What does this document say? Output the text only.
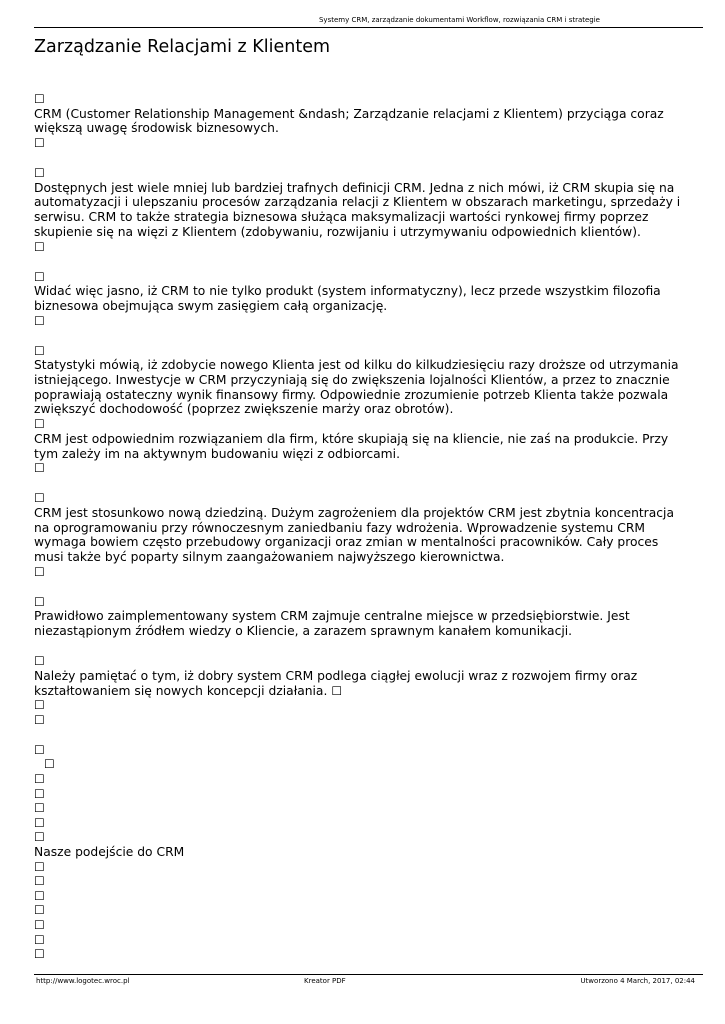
Systemy CRM, zarządzanie dokumentami Workflow, rozwiązania CRM i strategie
Zarządzanie Relacjami z Klientem
☐
CRM (Customer Relationship Management &ndash; Zarządzanie relacjami z Klientem) przyciąga coraz większą uwagę środowisk biznesowych.
☐
☐
Dostępnych jest wiele mniej lub bardziej trafnych definicji CRM. Jedna z nich mówi, iż CRM skupia się na automatyzacji i ulepszaniu procesów zarządzania relacji z Klientem w obszarach marketingu, sprzedaży i serwisu. CRM to także strategia biznesowa służąca maksymalizacji wartości rynkowej firmy poprzez skupienie się na więzi z Klientem (zdobywaniu, rozwijaniu i utrzymywaniu odpowiednich klientów).
☐
☐
Widać więc jasno, iż CRM to nie tylko produkt (system informatyczny), lecz przede wszystkim filozofia biznesowa obejmująca swym zasięgiem całą organizację.
☐
☐
Statystyki mówią, iż zdobycie nowego Klienta jest od kilku do kilkudziesięciu razy droższe od utrzymania istniejącego. Inwestycje w CRM przyczyniają się do zwiększenia lojalności Klientów, a przez to znacznie poprawiają ostateczny wynik finansowy firmy. Odpowiednie zrozumienie potrzeb Klienta także pozwala zwiększyć dochodowość (poprzez zwiększenie marży oraz obrotów).
☐
CRM jest odpowiednim rozwiązaniem dla firm, które skupiają się na kliencie, nie zaś na produkcie. Przy tym zależy im na aktywnym budowaniu więzi z odbiorcami.
☐
☐
CRM jest stosunkowo nową dziedziną. Dużym zagrożeniem dla projektów CRM jest zbytnia koncentracja na oprogramowaniu przy równoczesnym zaniedbaniu fazy wdrożenia. Wprowadzenie systemu CRM wymaga bowiem często przebudowy organizacji oraz zmian w mentalności pracowników. Cały proces musi także być poparty silnym zaangażowaniem najwyższego kierownictwa.
☐
☐
Prawidłowo zaimplementowany system CRM zajmuje centralne miejsce w przedsiębiorstwie. Jest niezastąpionym źródłem wiedzy o Kliencie, a zarazem sprawnym kanałem komunikacji.
☐
Należy pamiętać o tym, iż dobry system CRM podlega ciągłej ewolucji wraz z rozwojem firmy oraz kształtowaniem się nowych koncepcji działania. ☐
☐
☐
☐
☐
☐
☐
☐
☐
☐
Nasze podejście do CRM
☐
☐
☐
☐
☐
☐
☐
http://www.logotec.wroc.pl	Kreator PDF	Utworzono 4 March, 2017, 02:44
